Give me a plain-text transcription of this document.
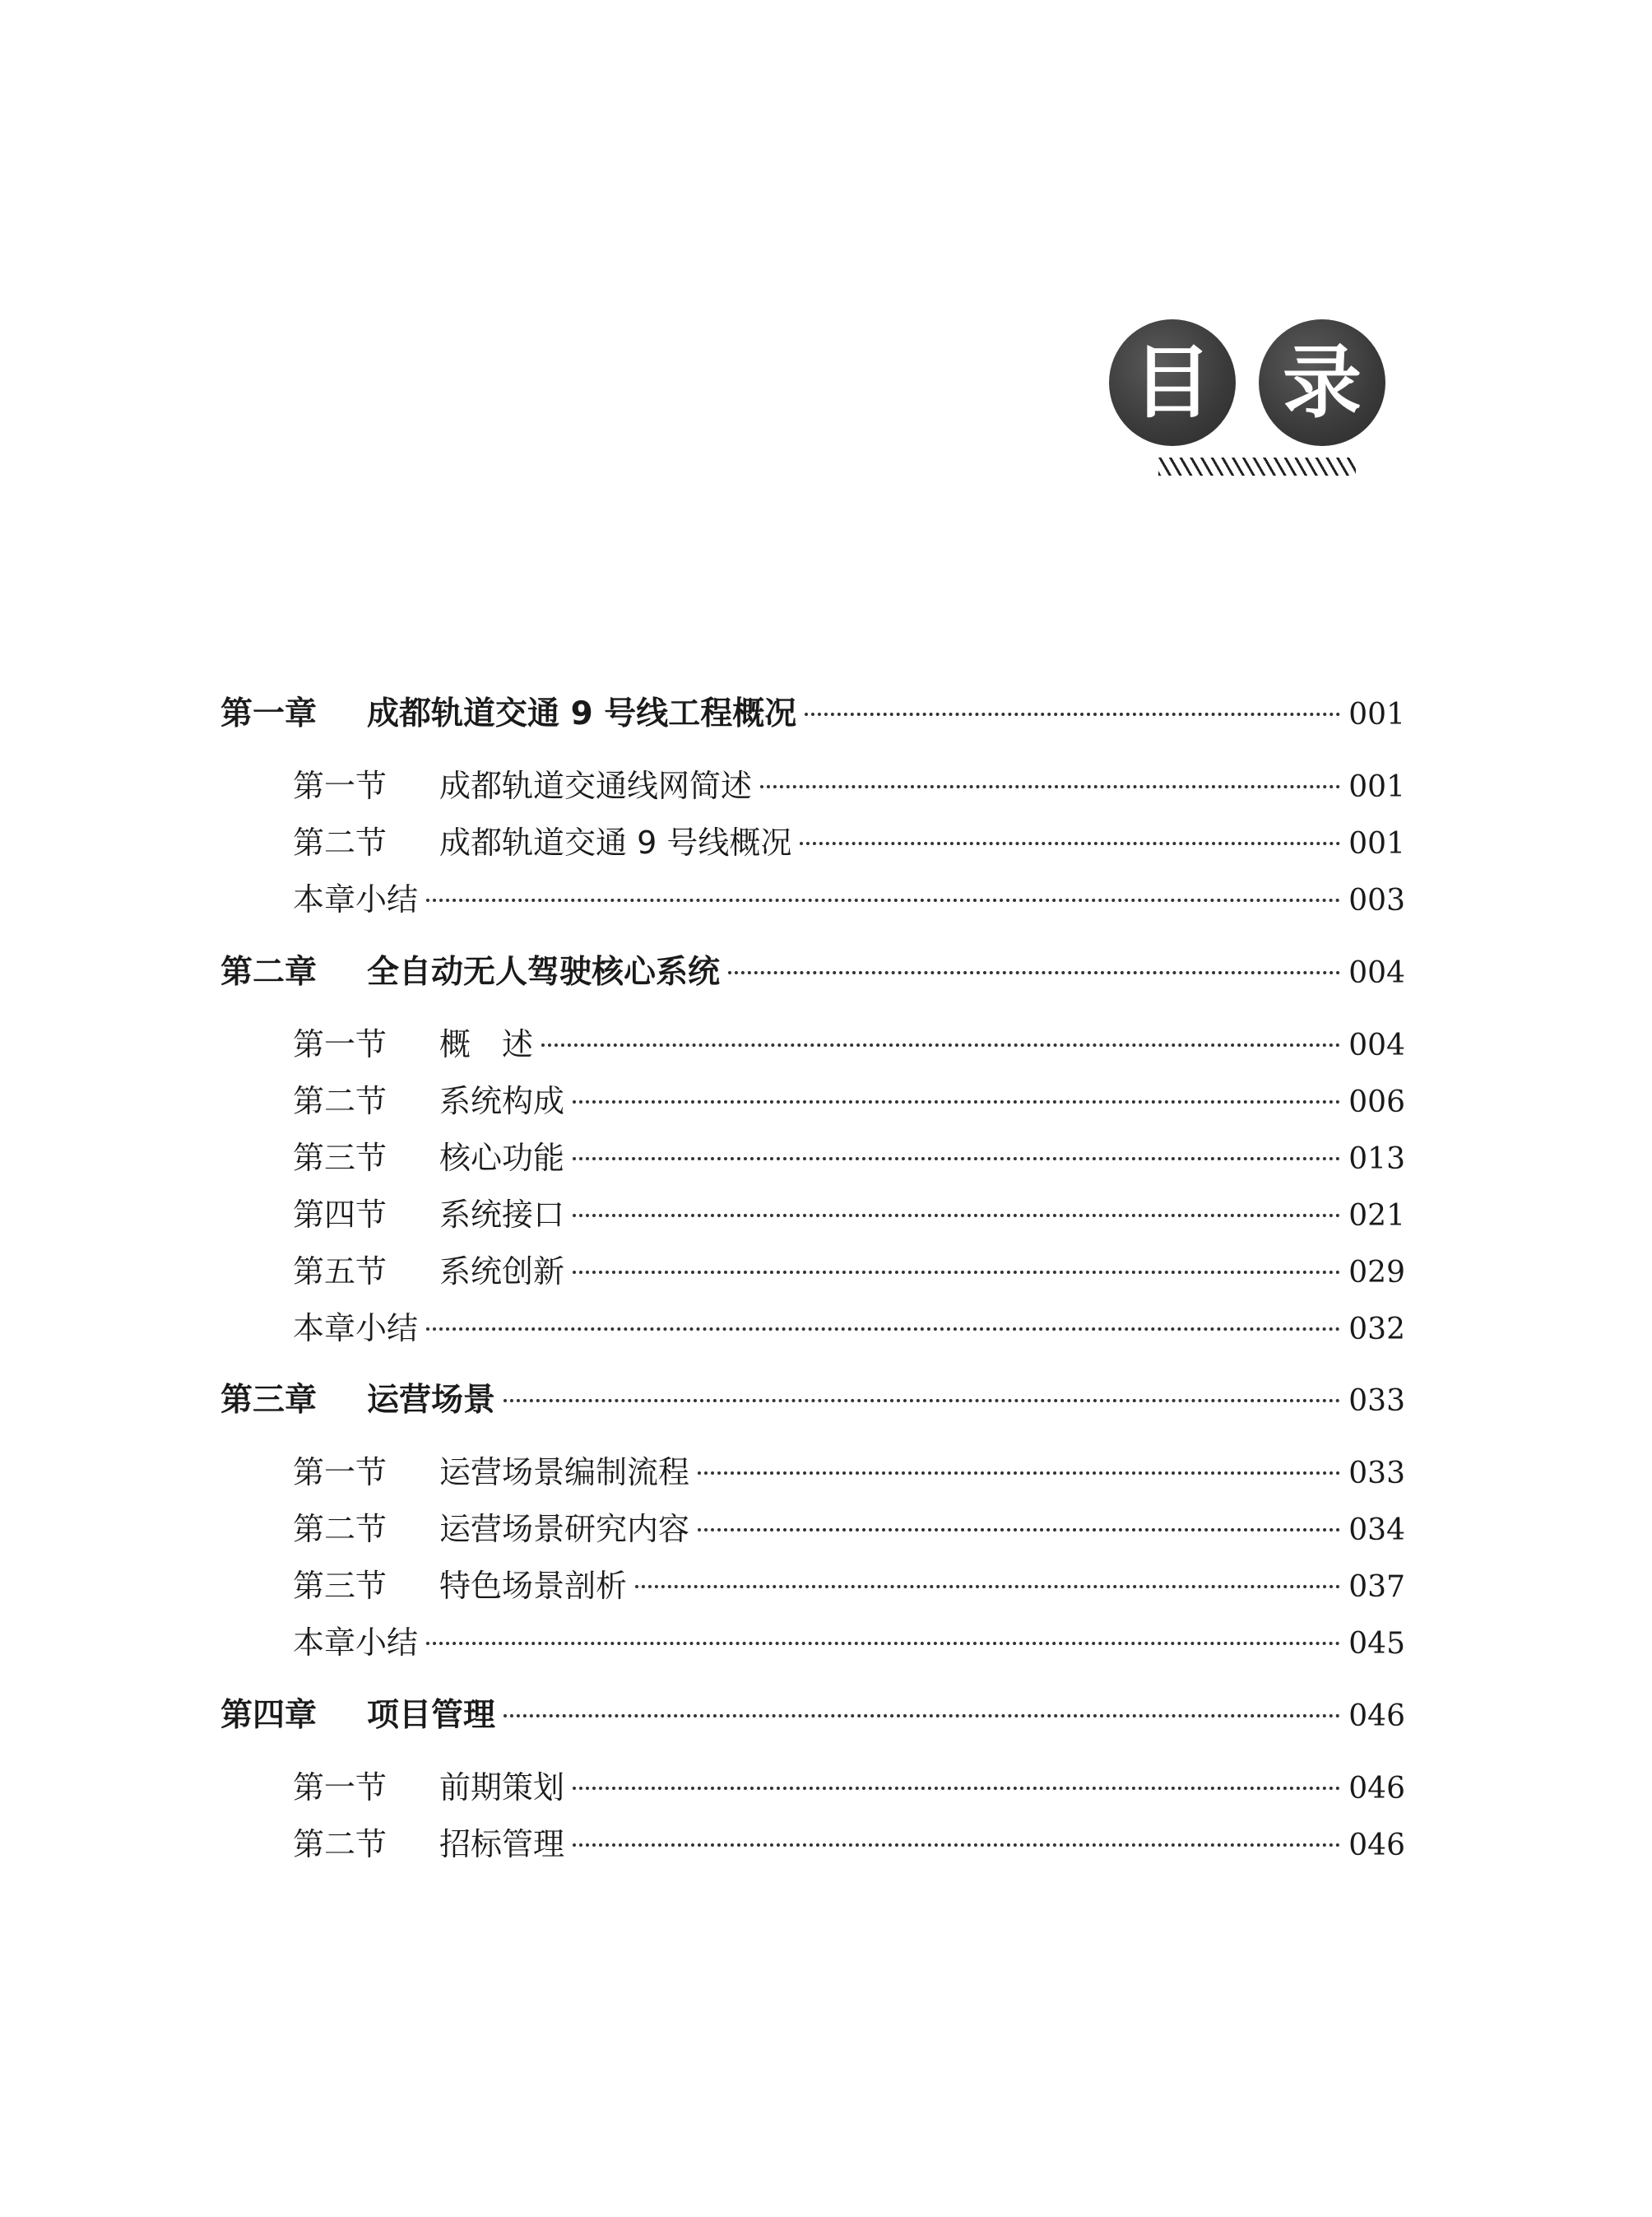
目 录
第一章	成都轨道交通 9 号线工程概况	001
第一节	成都轨道交通线网简述	001
第二节	成都轨道交通 9 号线概况	001
本章小结	003
第二章	全自动无人驾驶核心系统	004
第一节	概　述	004
第二节	系统构成	006
第三节	核心功能	013
第四节	系统接口	021
第五节	系统创新	029
本章小结	032
第三章	运营场景	033
第一节	运营场景编制流程	033
第二节	运营场景研究内容	034
第三节	特色场景剖析	037
本章小结	045
第四章	项目管理	046
第一节	前期策划	046
第二节	招标管理	046
